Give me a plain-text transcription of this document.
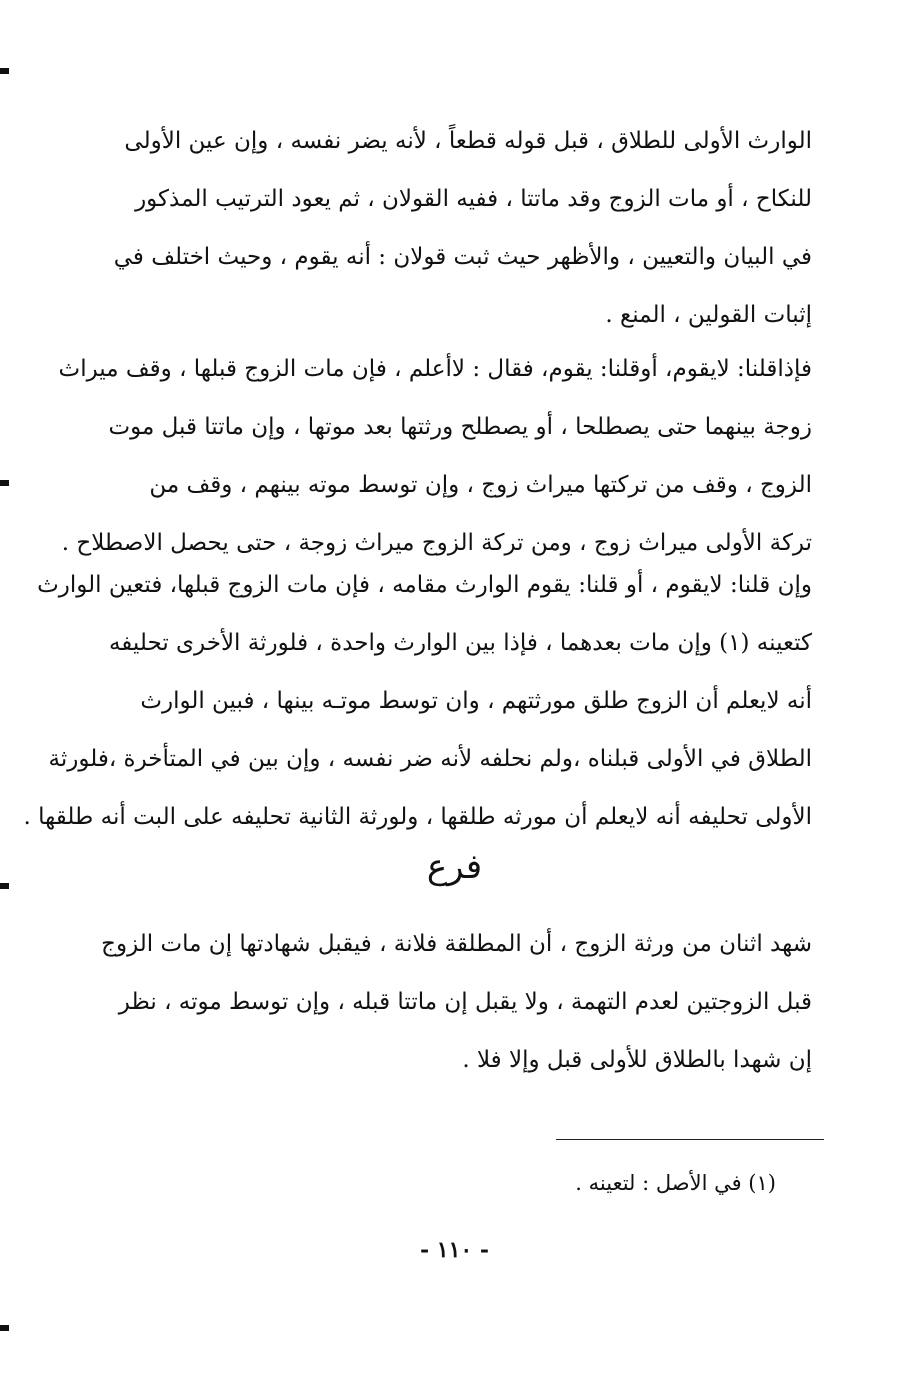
الوارث الأولى للطلاق ، قبل قوله قطعاً ، لأنه يضر نفسه ، وإن عين الأولى
للنكاح ، أو مات الزوج وقد ماتتا ، ففيه القولان ، ثم يعود الترتيب المذكور
في البيان والتعيين ، والأظهر حيث ثبت قولان : أنه يقوم ، وحيث اختلف في
إثبات القولين ، المنع .
فإذاقلنا: لايقوم، أوقلنا: يقوم، فقال : لاأعلم ، فإن مات الزوج قبلها ، وقف ميراث
زوجة بينهما حتى يصطلحا ، أو يصطلح ورثتها بعد موتها ، وإن ماتتا قبل موت
الزوج ، وقف من تركتها ميراث زوج ، وإن توسط موته بينهم ، وقف من
تركة الأولى ميراث زوج ، ومن تركة الزوج ميراث زوجة ، حتى يحصل الاصطلاح .
وإن قلنا: لايقوم ، أو قلنا: يقوم الوارث مقامه ، فإن مات الزوج قبلها، فتعين الوارث
كتعينه (١) وإن مات بعدهما ، فإذا بين الوارث واحدة ، فلورثة الأخرى تحليفه
أنه لايعلم أن الزوج طلق مورثتهم ، وان توسط موتـه بينها ، فبين الوارث
الطلاق في الأولى قبلناه ،ولم نحلفه لأنه ضر نفسه ، وإن بين في المتأخرة ،فلورثة
الأولى تحليفه أنه لايعلم أن مورثه طلقها ، ولورثة الثانية تحليفه على البت أنه طلقها .
فرع
شهد اثنان من ورثة الزوج ، أن المطلقة فلانة ، فيقبل شهادتها إن مات الزوج
قبل الزوجتين لعدم التهمة ، ولا يقبل إن ماتتا قبله ، وإن توسط موته ، نظر
إن شهدا بالطلاق للأولى قبل وإلا فلا .
(١) في الأصل : لتعينه .
- ١١٠ -
